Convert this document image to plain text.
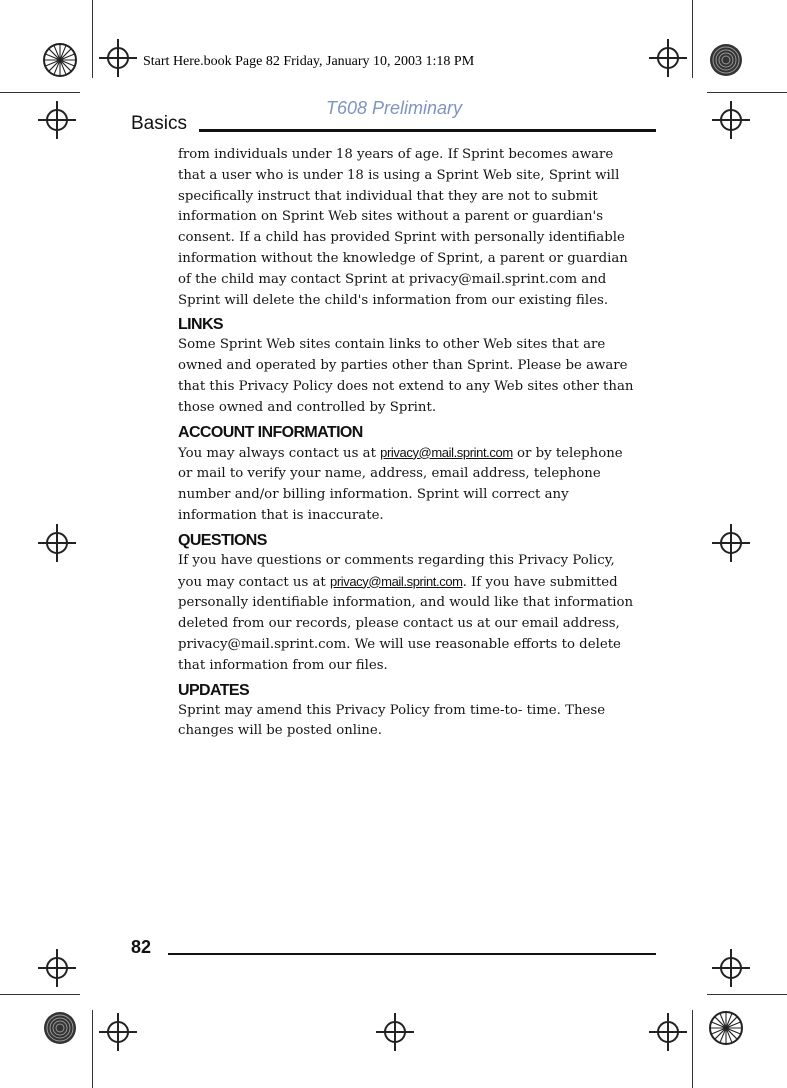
Start Here.book Page 82 Friday, January 10, 2003 1:18 PM
T608 Preliminary
Basics

from individuals under 18 years of age. If Sprint becomes aware that a user who is under 18 is using a Sprint Web site, Sprint will specifically instruct that individual that they are not to submit information on Sprint Web sites without a parent or guardian's consent. If a child has provided Sprint with personally identifiable information without the knowledge of Sprint, a parent or guardian of the child may contact Sprint at privacy@mail.sprint.com and Sprint will delete the child's information from our existing files.

LINKS

Some Sprint Web sites contain links to other Web sites that are owned and operated by parties other than Sprint. Please be aware that this Privacy Policy does not extend to any Web sites other than those owned and controlled by Sprint.

ACCOUNT INFORMATION

You may always contact us at privacy@mail.sprint.com or by telephone or mail to verify your name, address, email address, telephone number and/or billing information. Sprint will correct any information that is inaccurate.

QUESTIONS

If you have questions or comments regarding this Privacy Policy, you may contact us at privacy@mail.sprint.com. If you have submitted personally identifiable information, and would like that information deleted from our records, please contact us at our email address, privacy@mail.sprint.com. We will use reasonable efforts to delete that information from our files.

UPDATES

Sprint may amend this Privacy Policy from time-to- time. These changes will be posted online.

82
